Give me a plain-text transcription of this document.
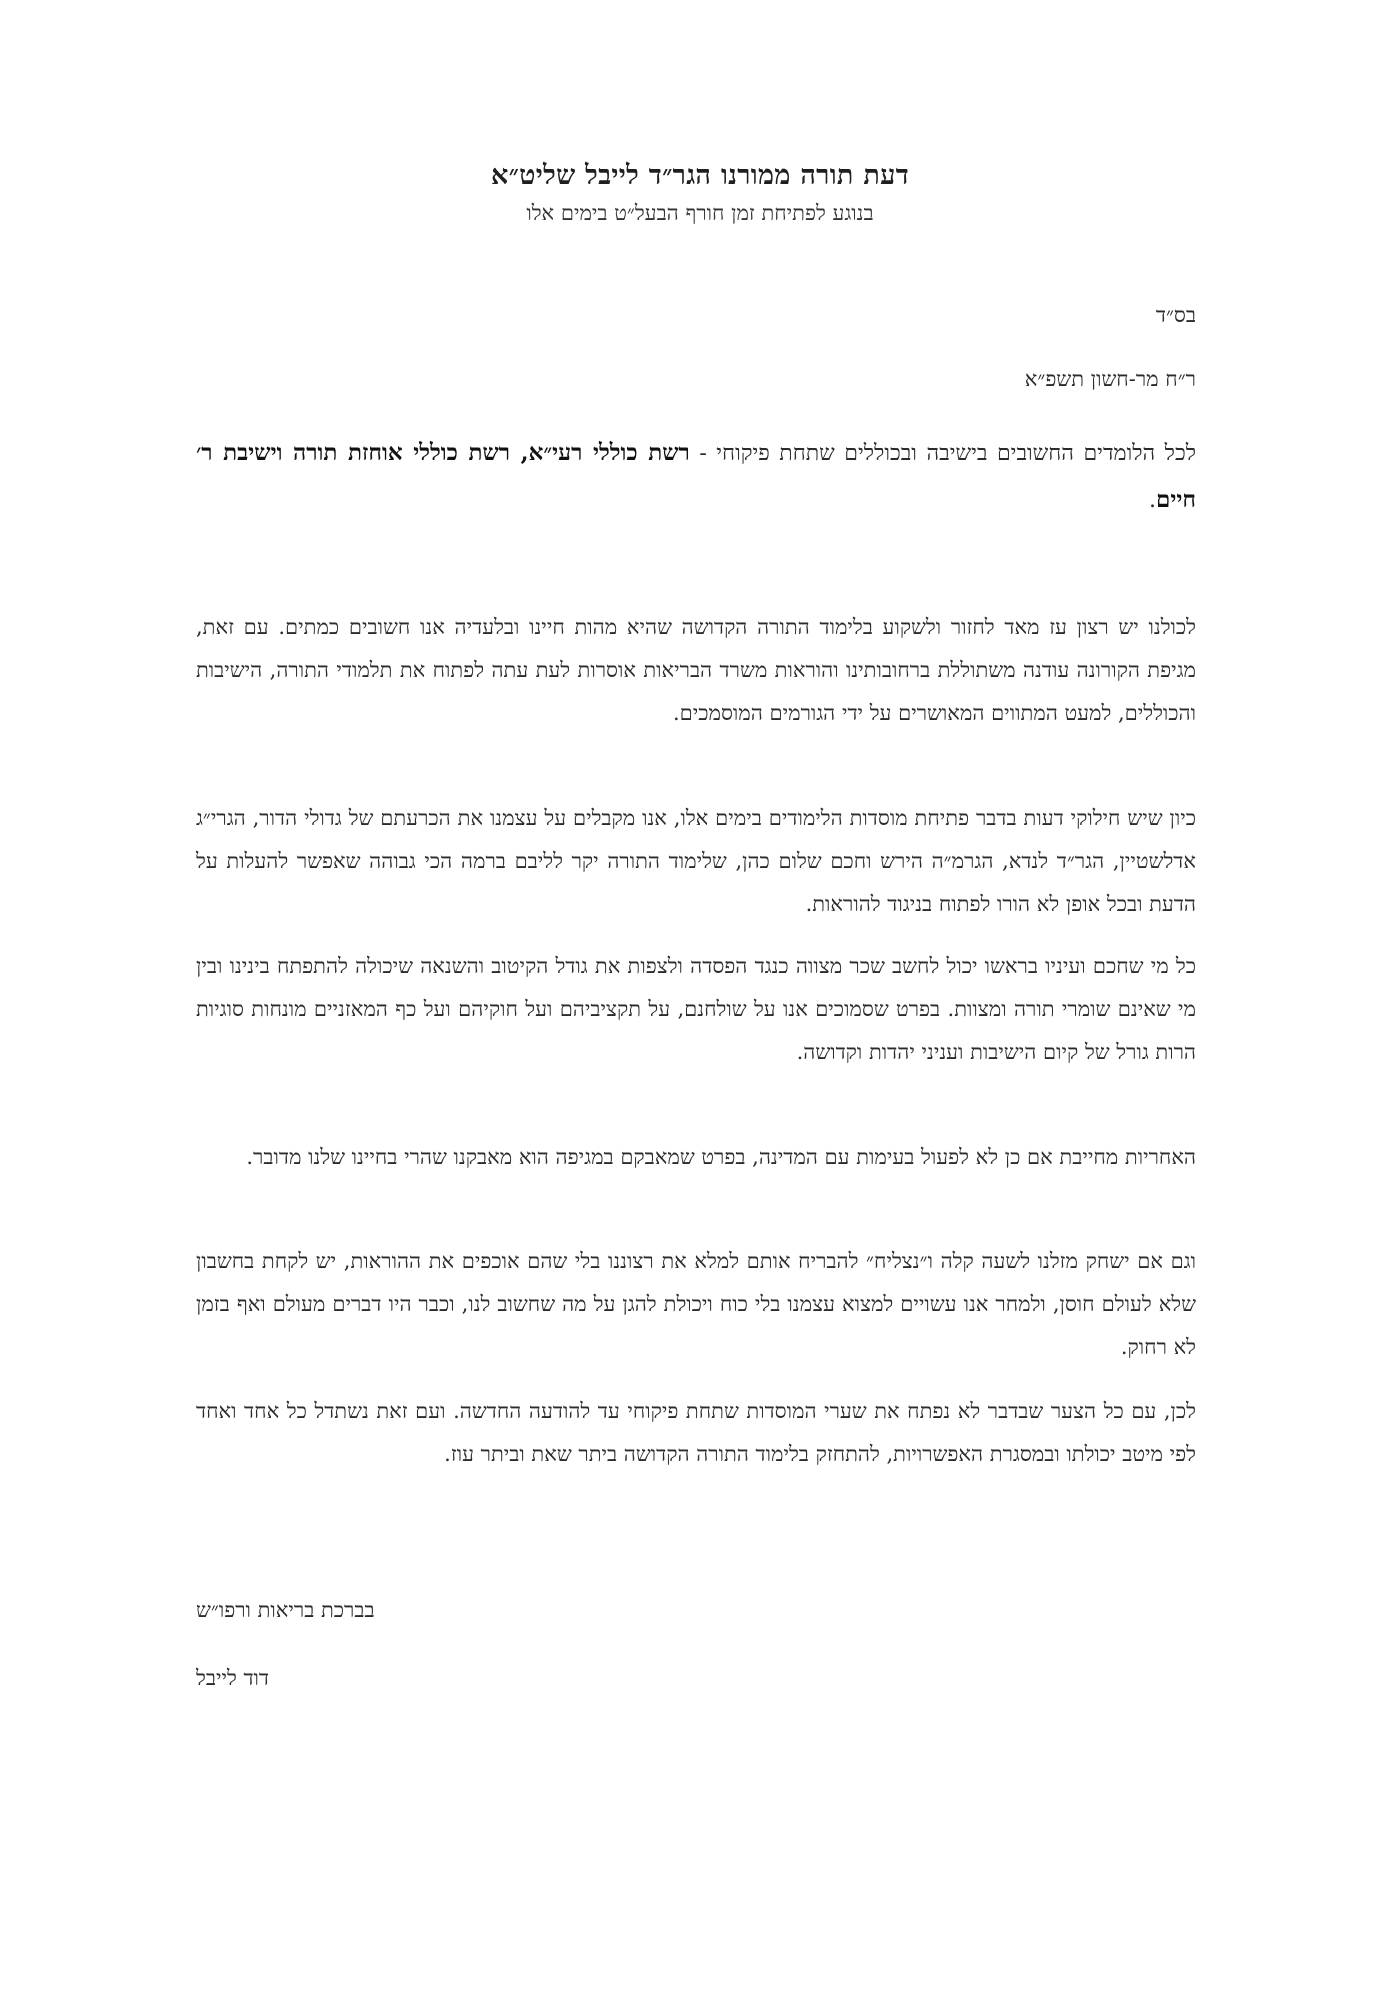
דעת תורה ממורנו הגר״ד לייבל שליט״א
בנוגע לפתיחת זמן חורף הבעל״ט בימים אלו
בס״ד
ר״ח מר-חשון תשפ״א
לכל הלומדים החשובים בישיבה ובכוללים שתחת פיקוחי - רשת כוללי רעי״א, רשת כוללי אוחזת תורה וישיבת ר׳ חיים.
לכולנו יש רצון עז מאד לחזור ולשקוע בלימוד התורה הקדושה שהיא מהות חיינו ובלעדיה אנו חשובים כמתים. עם זאת, מגיפת הקורונה עודנה משתוללת ברחובותינו והוראות משרד הבריאות אוסרות לעת עתה לפתוח את תלמודי התורה, הישיבות והכוללים, למעט המתווים המאושרים על ידי הגורמים המוסמכים.
כיון שיש חילוקי דעות בדבר פתיחת מוסדות הלימודים בימים אלו, אנו מקבלים על עצמנו את הכרעתם של גדולי הדור, הגרי״ג אדלשטיין, הגר״ד לנדא, הגרמ״ה הירש וחכם שלום כהן, שלימוד התורה יקר לליבם ברמה הכי גבוהה שאפשר להעלות על הדעת ובכל אופן לא הורו לפתוח בניגוד להוראות.
כל מי שחכם ועיניו בראשו יכול לחשב שכר מצווה כנגד הפסדה ולצפות את גודל הקיטוב והשנאה שיכולה להתפתח בינינו ובין מי שאינם שומרי תורה ומצוות. בפרט שסמוכים אנו על שולחנם, על תקציביהם ועל חוקיהם ועל כף המאזניים מונחות סוגיות הרות גורל של קיום הישיבות ועניני יהדות וקדושה.
האחריות מחייבת אם כן לא לפעול בעימות עם המדינה, בפרט שמאבקם במגיפה הוא מאבקנו שהרי בחיינו שלנו מדובר.
וגם אם ישחק מזלנו לשעה קלה ו״נצליח״ להבריח אותם למלא את רצוננו בלי שהם אוכפים את ההוראות, יש לקחת בחשבון שלא לעולם חוסן, ולמחר אנו עשויים למצוא עצמנו בלי כוח ויכולת להגן על מה שחשוב לנו, וכבר היו דברים מעולם ואף בזמן לא רחוק.
לכן, עם כל הצער שבדבר לא נפתח את שערי המוסדות שתחת פיקוחי עד להודעה החדשה. ועם זאת נשתדל כל אחד ואחד לפי מיטב יכולתו ובמסגרת האפשרויות, להתחזק בלימוד התורה הקדושה ביתר שאת וביתר עוז.
בברכת בריאות ורפו״ש
דוד לייבל
